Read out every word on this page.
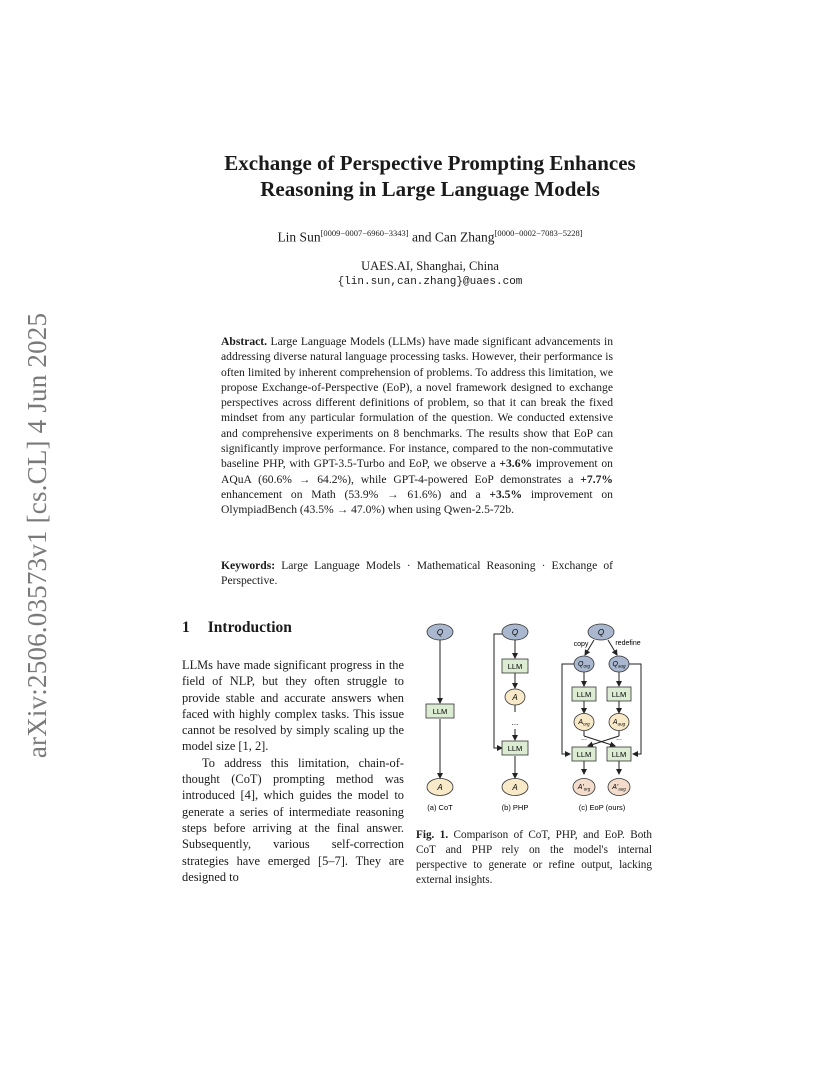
arXiv:2506.03573v1 [cs.CL] 4 Jun 2025
Exchange of Perspective Prompting Enhances
Reasoning in Large Language Models
Lin Sun[0009−0007−6960−3343] and Can Zhang[0000−0002−7083−5228]
UAES.AI, Shanghai, China
{lin.sun,can.zhang}@uaes.com
Abstract. Large Language Models (LLMs) have made significant advancements in addressing diverse natural language processing tasks. However, their performance is often limited by inherent comprehension of problems. To address this limitation, we propose Exchange-of-Perspective (EoP), a novel framework designed to exchange perspectives across different definitions of problem, so that it can break the fixed mindset from any particular formulation of the question. We conducted extensive and comprehensive experiments on 8 benchmarks. The results show that EoP can significantly improve performance. For instance, compared to the non-commutative baseline PHP, with GPT-3.5-Turbo and EoP, we observe a +3.6% improvement on AQuA (60.6% → 64.2%), while GPT-4-powered EoP demonstrates a +7.7% enhancement on Math (53.9% → 61.6%) and a +3.5% improvement on OlympiadBench (43.5% → 47.0%) when using Qwen-2.5-72b.
Keywords: Large Language Models · Mathematical Reasoning · Exchange of Perspective.
1 Introduction

LLMs have made significant progress in the field of NLP, but they often struggle to provide stable and accurate answers when faced with highly complex tasks. This issue cannot be resolved by simply scaling up the model size [1, 2].

To address this limitation, chain-of-thought (CoT) prompting method was introduced [4], which guides the model to generate a series of intermediate reasoning steps before arriving at the final answer. Subsequently, various self-correction strategies have emerged [5–7]. They are designed to

Q
LLM
A
Q
LLM
A
...
LLM
A
Q
copy	redefine
$Q_{org}$	$Q_{aug}$
LLM	LLM
$A_{org}$	$A_{aug}$
...	...
LLM	LLM
$A'_{org}$	$A'_{aug}$
(a) CoT	(b) PHP	(c) EoP (ours)
Fig. 1. Comparison of CoT, PHP, and EoP. Both CoT and PHP rely on the model's internal perspective to generate or refine output, lacking external insights.
